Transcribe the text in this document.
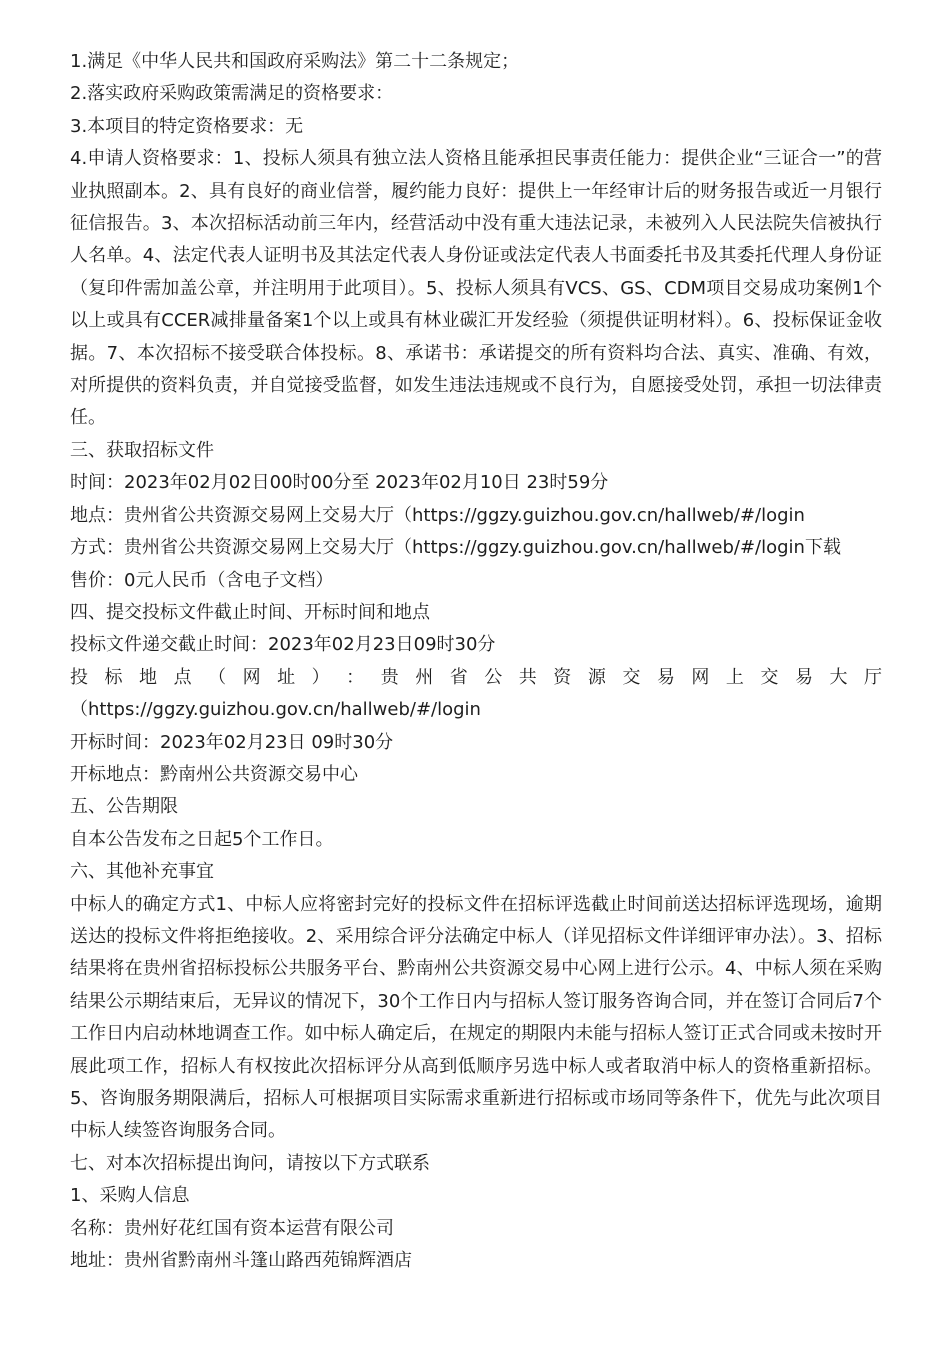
1.满足《中华人民共和国政府采购法》第二十二条规定；

2.落实政府采购政策需满足的资格要求：

3.本项目的特定资格要求：无

4.申请人资格要求：1、投标人须具有独立法人资格且能承担民事责任能力：提供企业“三证合一”的营业执照副本。2、具有良好的商业信誉，履约能力良好：提供上一年经审计后的财务报告或近一月银行征信报告。3、本次招标活动前三年内，经营活动中没有重大违法记录，未被列入人民法院失信被执行人名单。4、法定代表人证明书及其法定代表人身份证或法定代表人书面委托书及其委托代理人身份证（复印件需加盖公章，并注明用于此项目）。5、投标人须具有VCS、GS、CDM项目交易成功案例1个以上或具有CCER减排量备案1个以上或具有林业碳汇开发经验（须提供证明材料）。6、投标保证金收据。7、本次招标不接受联合体投标。8、承诺书：承诺提交的所有资料均合法、真实、准确、有效，对所提供的资料负责，并自觉接受监督，如发生违法违规或不良行为，自愿接受处罚，承担一切法律责任。

三、获取招标文件

时间：2023年02月02日00时00分至 2023年02月10日 23时59分

地点：贵州省公共资源交易网上交易大厅（https://ggzy.guizhou.gov.cn/hallweb/#/login

方式：贵州省公共资源交易网上交易大厅（https://ggzy.guizhou.gov.cn/hallweb/#/login下载

售价：0元人民币（含电子文档）

四、提交投标文件截止时间、开标时间和地点

投标文件递交截止时间：2023年02月23日09时30分

投 标 地 点 （ 网 址 ） ： 贵 州 省 公 共 资 源 交 易 网 上 交 易 大 厅

（https://ggzy.guizhou.gov.cn/hallweb/#/login

开标时间：2023年02月23日 09时30分

开标地点：黔南州公共资源交易中心

五、公告期限

自本公告发布之日起5个工作日。

六、其他补充事宜

中标人的确定方式1、中标人应将密封完好的投标文件在招标评选截止时间前送达招标评选现场，逾期送达的投标文件将拒绝接收。2、采用综合评分法确定中标人（详见招标文件详细评审办法）。3、招标结果将在贵州省招标投标公共服务平台、黔南州公共资源交易中心网上进行公示。4、中标人须在采购结果公示期结束后，无异议的情况下，30个工作日内与招标人签订服务咨询合同，并在签订合同后7个工作日内启动林地调查工作。如中标人确定后，在规定的期限内未能与招标人签订正式合同或未按时开展此项工作，招标人有权按此次招标评分从高到低顺序另选中标人或者取消中标人的资格重新招标。5、咨询服务期限满后，招标人可根据项目实际需求重新进行招标或市场同等条件下，优先与此次项目中标人续签咨询服务合同。

七、对本次招标提出询问，请按以下方式联系

1、采购人信息

名称：贵州好花红国有资本运营有限公司

地址：贵州省黔南州斗篷山路西苑锦辉酒店
